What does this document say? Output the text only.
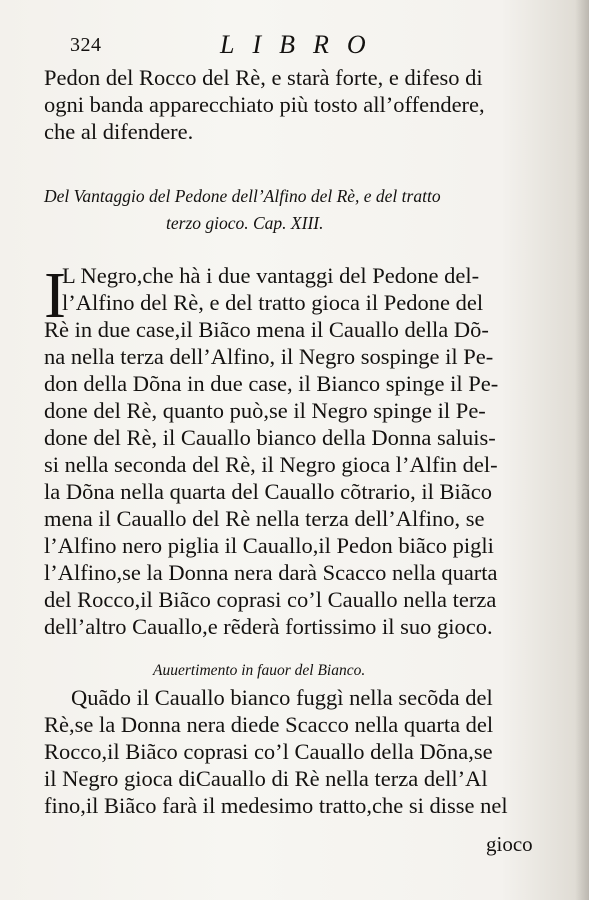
324	LIBRO
Pedon del Rocco del Rè, e starà forte, e difeso di
ogni banda apparecchiato più tosto all’offendere,
che al difendere.
Del Vantaggio del Pedone dell’Alfino del Rè, e del tratto
terzo gioco. Cap. XIII.
I
L Negro,che hà i due vantaggi del Pedone del-
l’Alfino del Rè, e del tratto gioca il Pedone del
Rè in due case,il Biãco mena il Cauallo della Dõ-
na nella terza dell’Alfino, il Negro sospinge il Pe-
don della Dõna in due case, il Bianco spinge il Pe-
done del Rè, quanto può,se il Negro spinge il Pe-
done del Rè, il Cauallo bianco della Donna saluis-
si nella seconda del Rè, il Negro gioca l’Alfin del-
la Dõna nella quarta del Cauallo cõtrario, il Biãco
mena il Cauallo del Rè nella terza dell’Alfino, se
l’Alfino nero piglia il Cauallo,il Pedon biãco pigli
l’Alfino,se la Donna nera darà Scacco nella quarta
del Rocco,il Biãco coprasi co’l Cauallo nella terza
dell’altro Cauallo,e rẽderà fortissimo il suo gioco.
Auuertimento in fauor del Bianco.
Quãdo il Cauallo bianco fuggì nella secõda del
Rè,se la Donna nera diede Scacco nella quarta del
Rocco,il Biãco coprasi co’l Cauallo della Dõna,se
il Negro gioca diCauallo di Rè nella terza dell’Al
fino,il Biãco farà il medesimo tratto,che si disse nel
gioco
